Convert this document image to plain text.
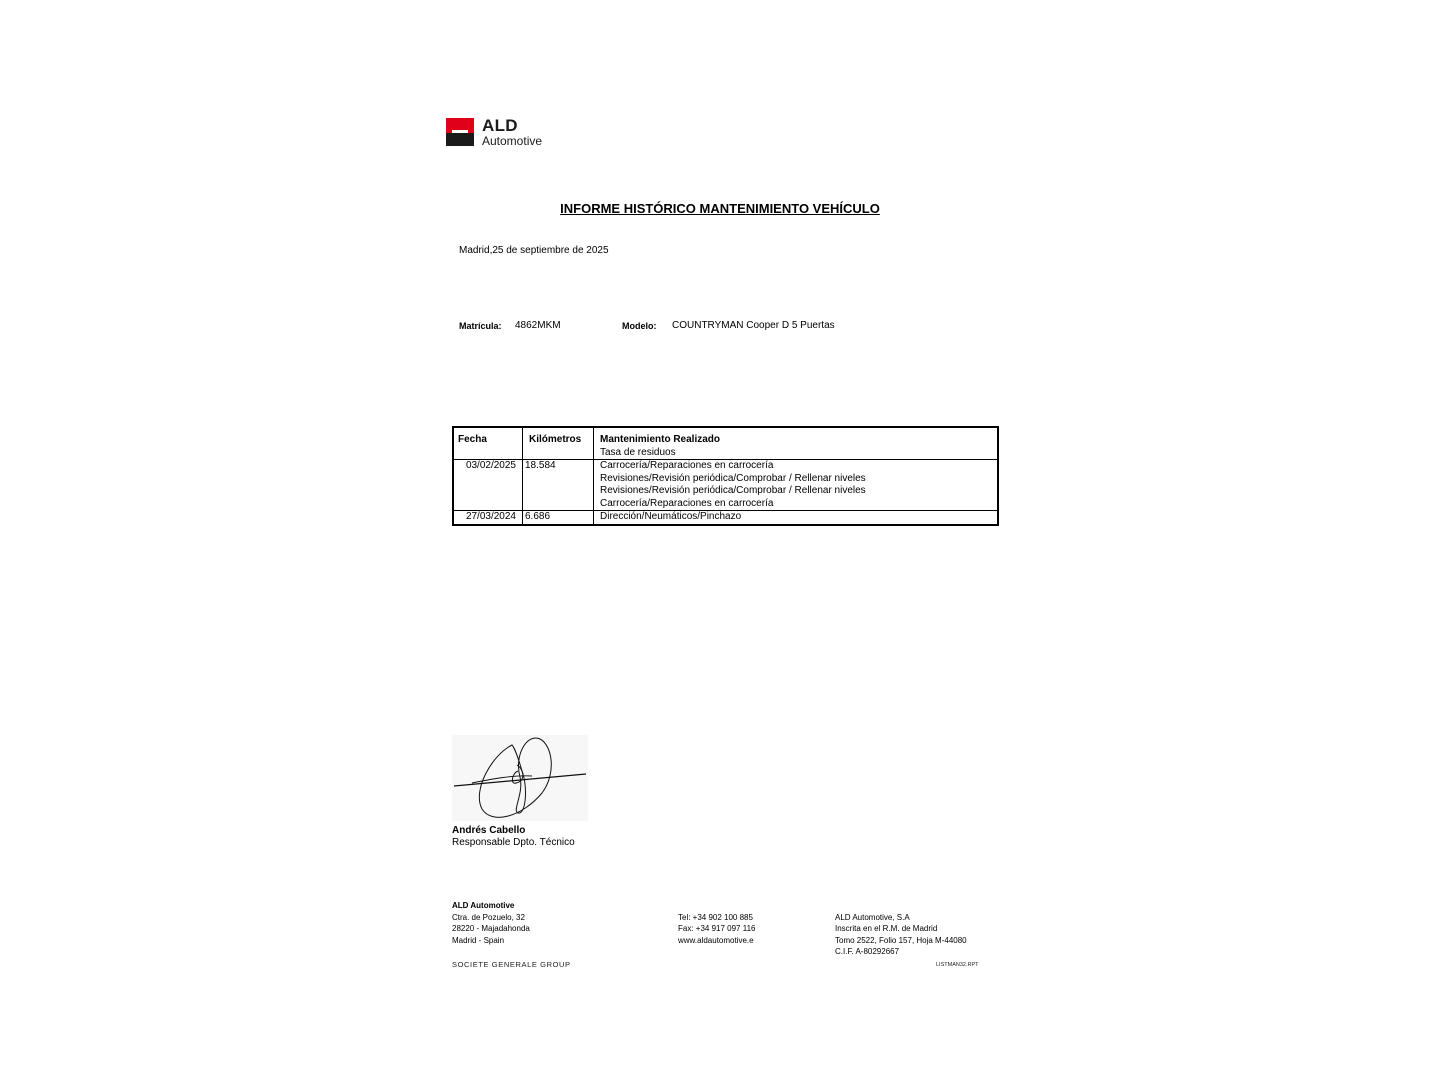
ALD
Automotive
INFORME HISTÓRICO MANTENIMIENTO VEHÍCULO
Madrid,25 de septiembre de 2025
Matrícula: 4862MKM	Modelo: COUNTRYMAN Cooper D 5 Puertas
Fecha	Kilómetros	Mantenimiento Realizado
Tasa de residuos

03/02/2025	18.584	Carrocería/Reparaciones en carrocería
Revisiones/Revisión periódica/Comprobar / Rellenar niveles
Revisiones/Revisión periódica/Comprobar / Rellenar niveles
Carrocería/Reparaciones en carrocería

27/03/2024	6.686	Dirección/Neumáticos/Pinchazo
Andrés Cabello
Responsable Dpto. Técnico
ALD Automotive
Ctra. de Pozuelo, 32
28220 - Majadahonda
Madrid - Spain
Tel: +34 902 100 885
Fax: +34 917 097 116
www.aldautomotive.e
ALD Automotive, S.A
Inscrita en el R.M. de Madrid
Tomo 2522, Folio 157, Hoja M-44080
C.I.F. A-80292667
SOCIETE GENERALE GROUP	LISTMAN32.RPT
